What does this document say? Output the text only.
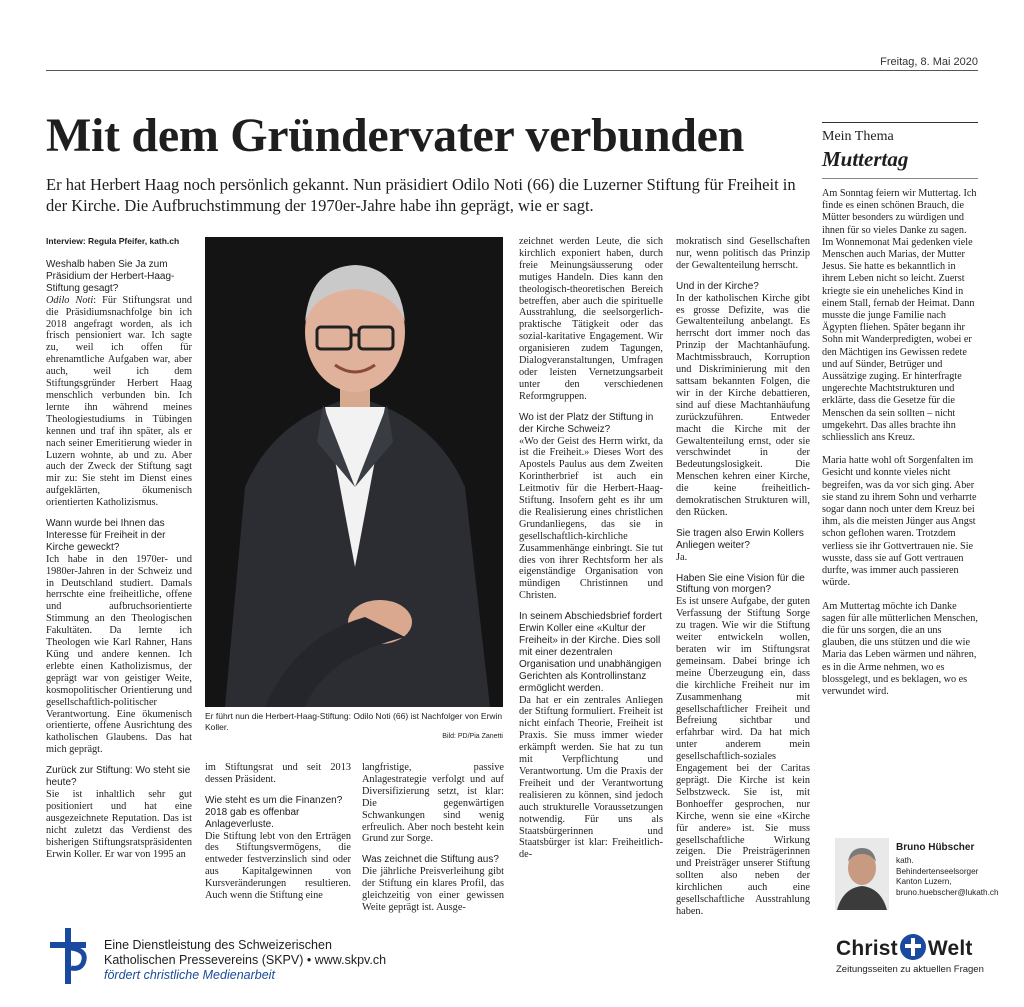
Freitag, 8. Mai 2020
Mit dem Gründervater verbunden
Er hat Herbert Haag noch persönlich gekannt. Nun präsidiert Odilo Noti (66) die Luzerner Stiftung für Freiheit in der Kirche. Die Aufbruchstimmung der 1970er-Jahre habe ihn geprägt, wie er sagt.
Interview: Regula Pfeifer, kath.ch

Weshalb haben Sie Ja zum Präsidium der Herbert-Haag-Stiftung gesagt?
Odilo Noti: Für Stiftungsrat und die Präsidiumsnachfolge bin ich 2018 angefragt worden, als ich frisch pensioniert war. Ich sagte zu, weil ich offen für ehrenamtliche Aufgaben war, aber auch, weil ich dem Stiftungsgründer Herbert Haag menschlich verbunden bin. Ich lernte ihn während meines Theologiestudiums in Tübingen kennen und traf ihn später, als er nach seiner Emeritierung wieder in Luzern wohnte, ab und zu. Aber auch der Zweck der Stiftung sagt mir zu: Sie steht im Dienst eines aufgeklärten, ökumenisch orientierten Katholizismus.

Wann wurde bei Ihnen das Interesse für Freiheit in der Kirche geweckt?
Ich habe in den 1970er- und 1980er-Jahren in der Schweiz und in Deutschland studiert. Damals herrschte eine freiheitliche, offene und aufbruchsorientierte Stimmung an den Theologischen Fakultäten. Da lernte ich Theologen wie Karl Rahner, Hans Küng und andere kennen. Ich erlebte einen Katholizismus, der geprägt war von geistiger Weite, kosmopolitischer Orientierung und gesellschaftlich-politischer Verantwortung. Eine ökumenisch orientierte, offene Ausrichtung des katholischen Glaubens. Das hat mich geprägt.

Zurück zur Stiftung: Wo steht sie heute?
Sie ist inhaltlich sehr gut positioniert und hat eine ausgezeichnete Reputation. Das ist nicht zuletzt das Verdienst des bisherigen Stiftungsratspräsidenten Erwin Koller. Er war von 1995 an

Er führt nun die Herbert-Haag-Stiftung: Odilo Noti (66) ist Nachfolger von Erwin Koller.
Bild: PD/Pia Zanetti

im Stiftungsrat und seit 2013 dessen Präsident.

Wie steht es um die Finanzen? 2018 gab es offenbar Anlageverluste.
Die Stiftung lebt von den Erträgen des Stiftungsvermögens, die entweder festverzinslich sind oder aus Kapitalgewinnen von Kursveränderungen resultieren. Auch wenn die Stiftung eine

langfristige, passive Anlagestrategie verfolgt und auf Diversifizierung setzt, ist klar: Die gegenwärtigen Schwankungen sind wenig erfreulich. Aber noch besteht kein Grund zur Sorge.

Was zeichnet die Stiftung aus?
Die jährliche Preisverleihung gibt der Stiftung ein klares Profil, das gleichzeitig von einer gewissen Weite geprägt ist. Ausge-

zeichnet werden Leute, die sich kirchlich exponiert haben, durch freie Meinungsäusserung oder mutiges Handeln. Dies kann den theologisch-theoretischen Bereich betreffen, aber auch die spirituelle Ausstrahlung, die seelsorgerlich-praktische Tätigkeit oder das sozial-karitative Engagement. Wir organisieren zudem Tagungen, Dialogveranstaltungen, Umfragen oder leisten Vernetzungsarbeit unter den verschiedenen Reformgruppen.

Wo ist der Platz der Stiftung in der Kirche Schweiz?
«Wo der Geist des Herrn wirkt, da ist die Freiheit.» Dieses Wort des Apostels Paulus aus dem Zweiten Korintherbrief ist auch ein Leitmotiv für die Herbert-Haag-Stiftung. Insofern geht es ihr um die Realisierung eines christlichen Grundanliegens, das sie in gesellschaftlich-kirchliche Zusammenhänge einbringt. Sie tut dies von ihrer Rechtsform her als eigenständige Organisation von mündigen Christinnen und Christen.

In seinem Abschiedsbrief fordert Erwin Koller eine «Kultur der Freiheit» in der Kirche. Dies soll mit einer dezentralen Organisation und unabhängigen Gerichten als Kontrollinstanz ermöglicht werden.
Da hat er ein zentrales Anliegen der Stiftung formuliert. Freiheit ist nicht einfach Theorie, Freiheit ist Praxis. Sie muss immer wieder erkämpft werden. Sie hat zu tun mit Verpflichtung und Verantwortung. Um die Praxis der Freiheit und der Verantwortung realisieren zu können, sind jedoch auch strukturelle Voraussetzungen notwendig. Für uns als Staatsbürgerinnen und Staatsbürger ist klar: Freiheitlich-de-

mokratisch sind Gesellschaften nur, wenn politisch das Prinzip der Gewaltenteilung herrscht.

Und in der Kirche?
In der katholischen Kirche gibt es grosse Defizite, was die Gewaltenteilung anbelangt. Es herrscht dort immer noch das Prinzip der Machtanhäufung. Machtmissbrauch, Korruption und Diskriminierung mit den sattsam bekannten Folgen, die wir in der Kirche debattieren, sind auf diese Machtanhäufung zurückzuführen. Entweder macht die Kirche mit der Gewaltenteilung ernst, oder sie verschwindet in der Bedeutungslosigkeit. Die Menschen kehren einer Kirche, die keine freiheitlich-demokratischen Strukturen will, den Rücken.

Sie tragen also Erwin Kollers Anliegen weiter?
Ja.

Haben Sie eine Vision für die Stiftung von morgen?
Es ist unsere Aufgabe, der guten Verfassung der Stiftung Sorge zu tragen. Wie wir die Stiftung weiter entwickeln wollen, beraten wir im Stiftungsrat gemeinsam. Dabei bringe ich meine Überzeugung ein, dass die kirchliche Freiheit nur im Zusammenhang mit gesellschaftlicher Freiheit und Befreiung sichtbar und erfahrbar wird. Da hat mich unter anderem mein gesellschaftlich-soziales Engagement bei der Caritas geprägt. Die Kirche ist kein Selbstzweck. Sie ist, mit Bonhoeffer gesprochen, nur Kirche, wenn sie eine «Kirche für andere» ist. Sie muss gesellschaftliche Wirkung zeigen. Die Preisträgerinnen und Preisträger unserer Stiftung sollten also neben der kirchlichen auch eine gesellschaftliche Ausstrahlung haben.

Mein Thema
Muttertag

Am Sonntag feiern wir Muttertag. Ich finde es einen schönen Brauch, die Mütter besonders zu würdigen und ihnen für so vieles Danke zu sagen. Im Wonnemonat Mai gedenken viele Menschen auch Marias, der Mutter Jesus. Sie hatte es bekanntlich in ihrem Leben nicht so leicht. Zuerst kriegte sie ein uneheliches Kind in einem Stall, fernab der Heimat. Dann musste die junge Familie nach Ägypten fliehen. Später begann ihr Sohn mit Wanderpredigten, wobei er den Mächtigen ins Gewissen redete und auf Sünder, Betrüger und Aussätzige zuging. Er hinterfragte ungerechte Machtstrukturen und erklärte, dass die Gesetze für die Menschen da sein sollten – nicht umgekehrt. Das alles brachte ihn schliesslich ans Kreuz.

Maria hatte wohl oft Sorgenfalten im Gesicht und konnte vieles nicht begreifen, was da vor sich ging. Aber sie stand zu ihrem Sohn und verharrte sogar dann noch unter dem Kreuz bei ihm, als die meisten Jünger aus Angst schon geflohen waren. Trotzdem verliess sie ihr Gottvertrauen nie. Sie wusste, dass sie auf Gott vertrauen durfte, was immer auch passieren würde.

Am Muttertag möchte ich Danke sagen für alle mütterlichen Menschen, die für uns sorgen, die an uns glauben, die uns stützen und die wie Maria das Leben wärmen und nähren, es in die Arme nehmen, wo es blossgelegt, und es beklagen, wo es verwundet wird.

Bruno Hübscher
kath. Behindertenseelsorger Kanton Luzern, bruno.huebscher@lukath.ch
Eine Dienstleistung des Schweizerischen
Katholischen Pressevereins (SKPV) • www.skpv.ch
fördert christliche Medienarbeit
Christ Welt
Zeitungsseiten zu aktuellen Fragen
